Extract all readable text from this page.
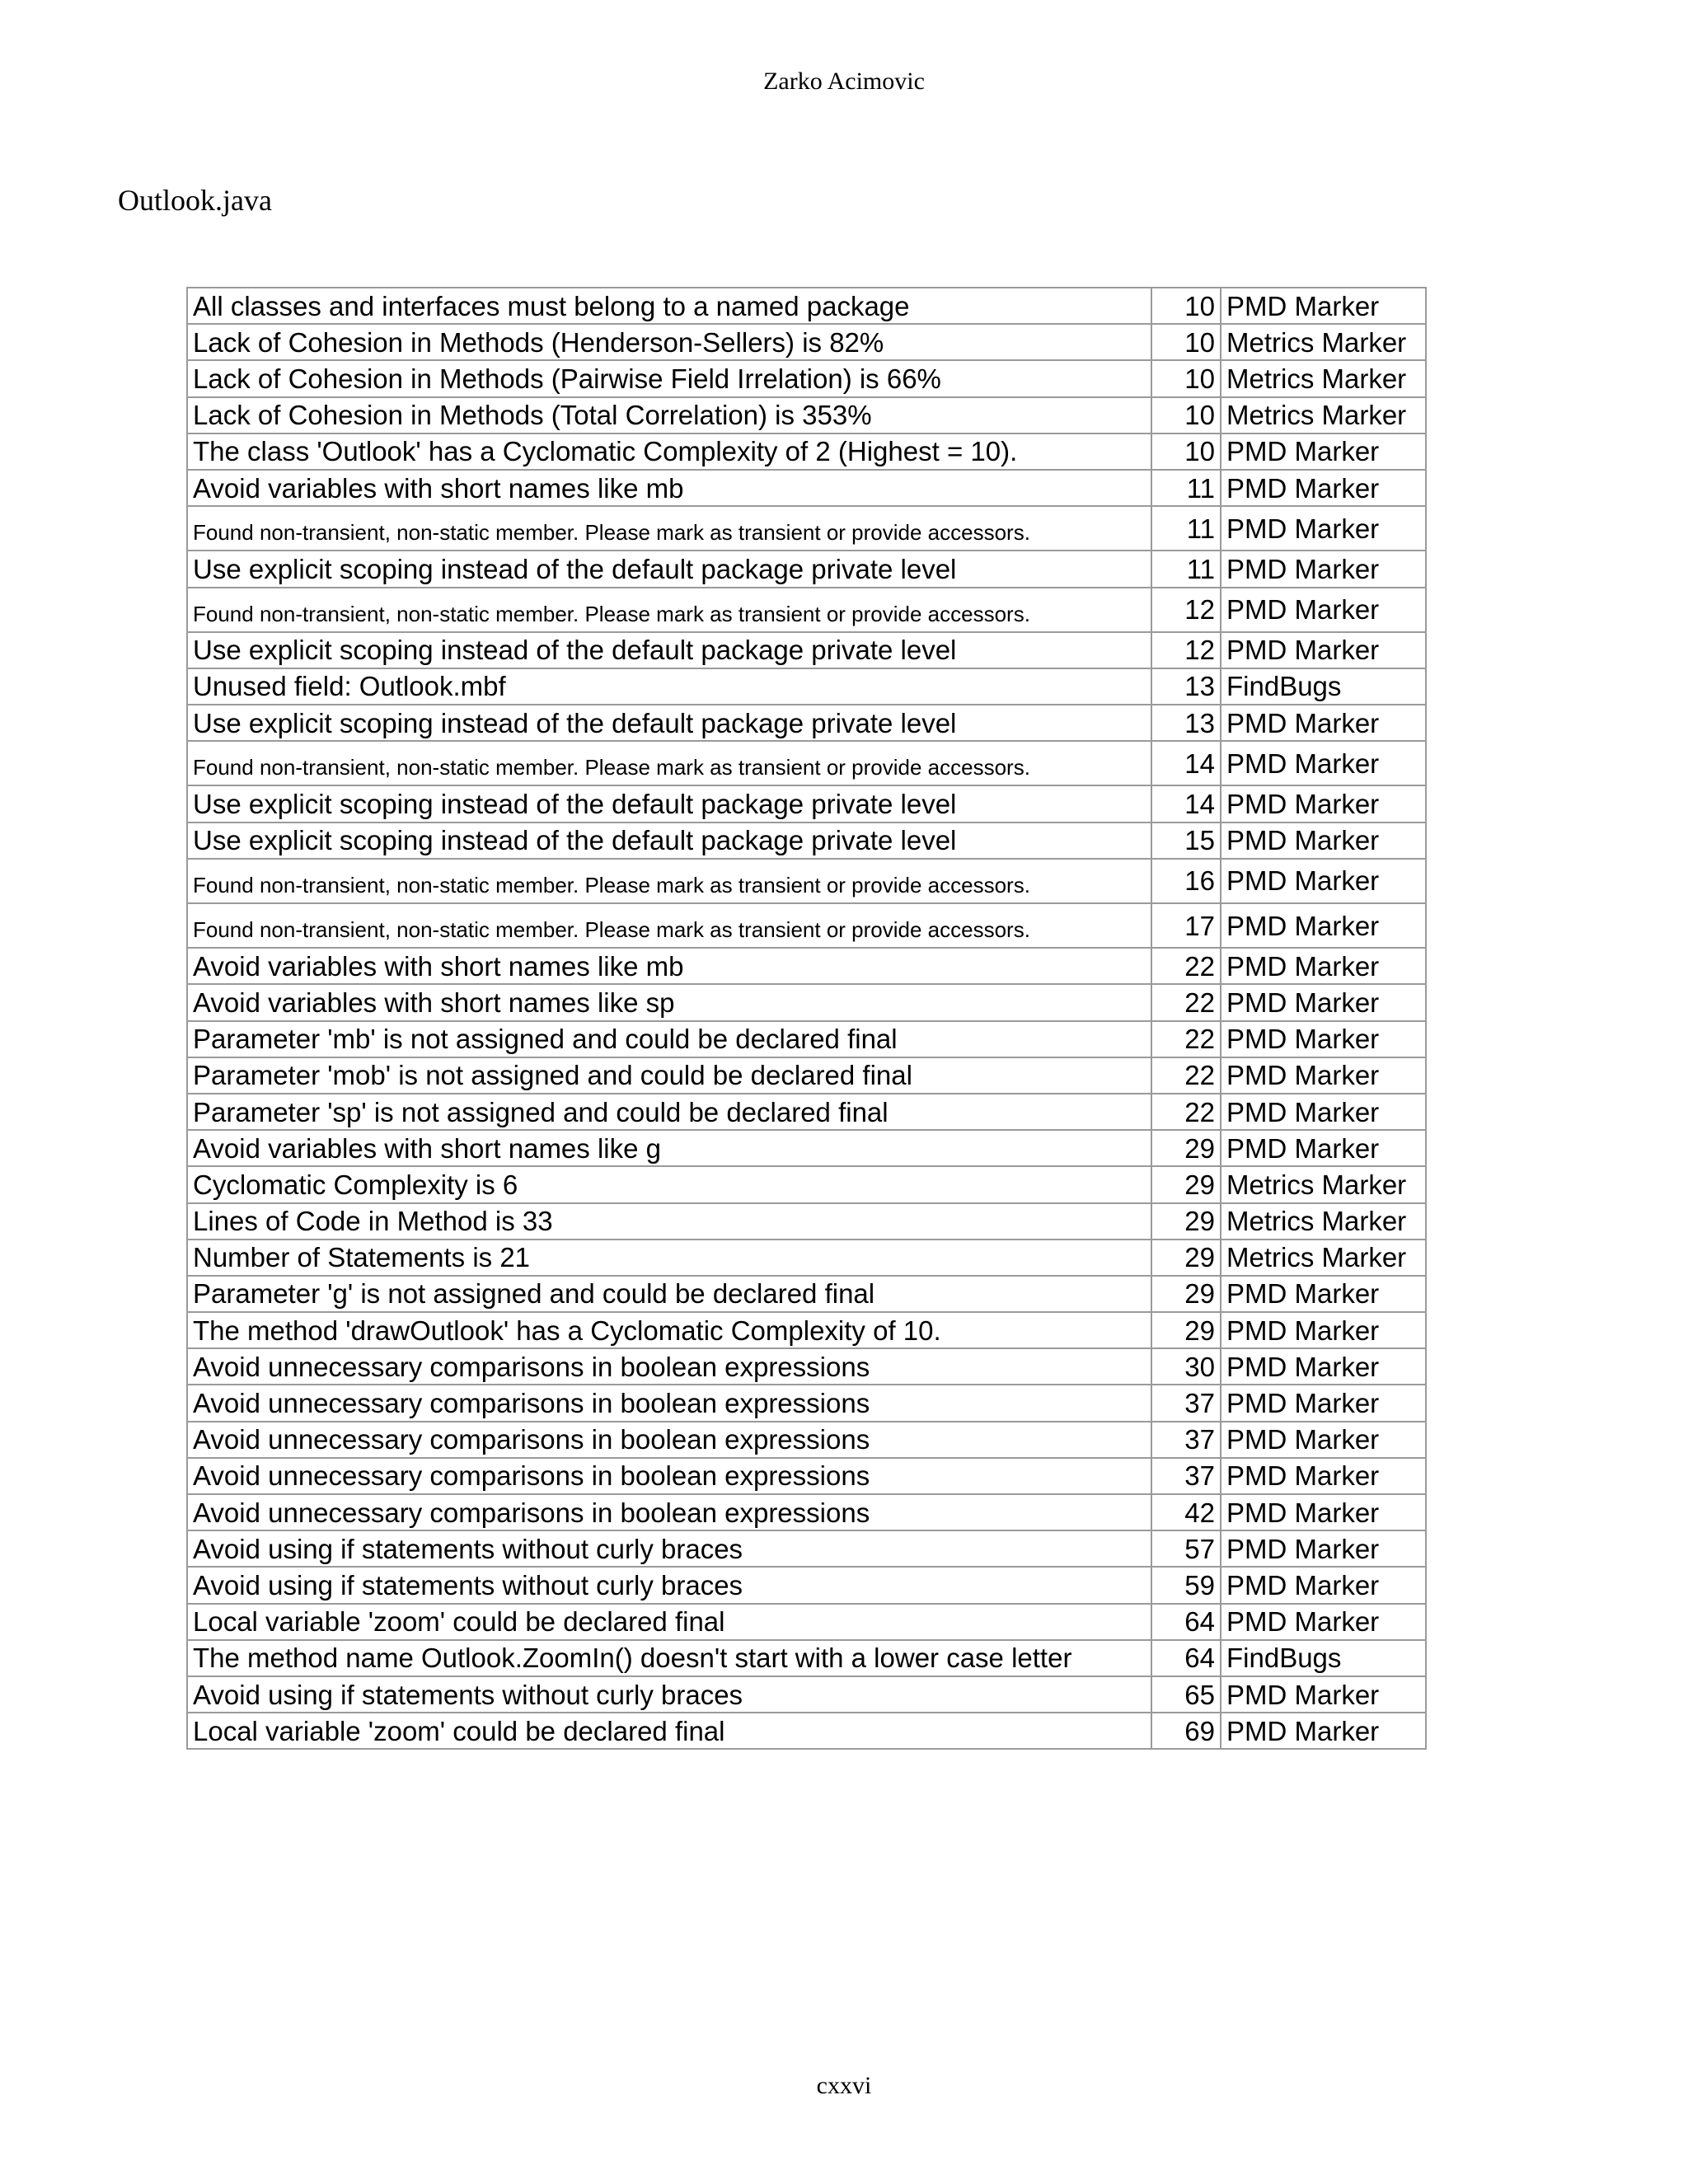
Zarko Acimovic
Outlook.java
All classes and interfaces must belong to a named package	10	PMD Marker
Lack of Cohesion in Methods (Henderson-Sellers) is 82%	10	Metrics Marker
Lack of Cohesion in Methods (Pairwise Field Irrelation) is 66%	10	Metrics Marker
Lack of Cohesion in Methods (Total Correlation) is 353%	10	Metrics Marker
The class 'Outlook' has a Cyclomatic Complexity of 2 (Highest = 10).	10	PMD Marker
Avoid variables with short names like mb	11	PMD Marker
Found non-transient, non-static member. Please mark as transient or provide accessors.	11	PMD Marker
Use explicit scoping instead of the default package private level	11	PMD Marker
Found non-transient, non-static member. Please mark as transient or provide accessors.	12	PMD Marker
Use explicit scoping instead of the default package private level	12	PMD Marker
Unused field: Outlook.mbf	13	FindBugs
Use explicit scoping instead of the default package private level	13	PMD Marker
Found non-transient, non-static member. Please mark as transient or provide accessors.	14	PMD Marker
Use explicit scoping instead of the default package private level	14	PMD Marker
Use explicit scoping instead of the default package private level	15	PMD Marker
Found non-transient, non-static member. Please mark as transient or provide accessors.	16	PMD Marker
Found non-transient, non-static member. Please mark as transient or provide accessors.	17	PMD Marker
Avoid variables with short names like mb	22	PMD Marker
Avoid variables with short names like sp	22	PMD Marker
Parameter 'mb' is not assigned and could be declared final	22	PMD Marker
Parameter 'mob' is not assigned and could be declared final	22	PMD Marker
Parameter 'sp' is not assigned and could be declared final	22	PMD Marker
Avoid variables with short names like g	29	PMD Marker
Cyclomatic Complexity is 6	29	Metrics Marker
Lines of Code in Method is 33	29	Metrics Marker
Number of Statements is 21	29	Metrics Marker
Parameter 'g' is not assigned and could be declared final	29	PMD Marker
The method 'drawOutlook' has a Cyclomatic Complexity of 10.	29	PMD Marker
Avoid unnecessary comparisons in boolean expressions	30	PMD Marker
Avoid unnecessary comparisons in boolean expressions	37	PMD Marker
Avoid unnecessary comparisons in boolean expressions	37	PMD Marker
Avoid unnecessary comparisons in boolean expressions	37	PMD Marker
Avoid unnecessary comparisons in boolean expressions	42	PMD Marker
Avoid using if statements without curly braces	57	PMD Marker
Avoid using if statements without curly braces	59	PMD Marker
Local variable 'zoom' could be declared final	64	PMD Marker
The method name Outlook.ZoomIn() doesn't start with a lower case letter	64	FindBugs
Avoid using if statements without curly braces	65	PMD Marker
Local variable 'zoom' could be declared final	69	PMD Marker
cxxvi
